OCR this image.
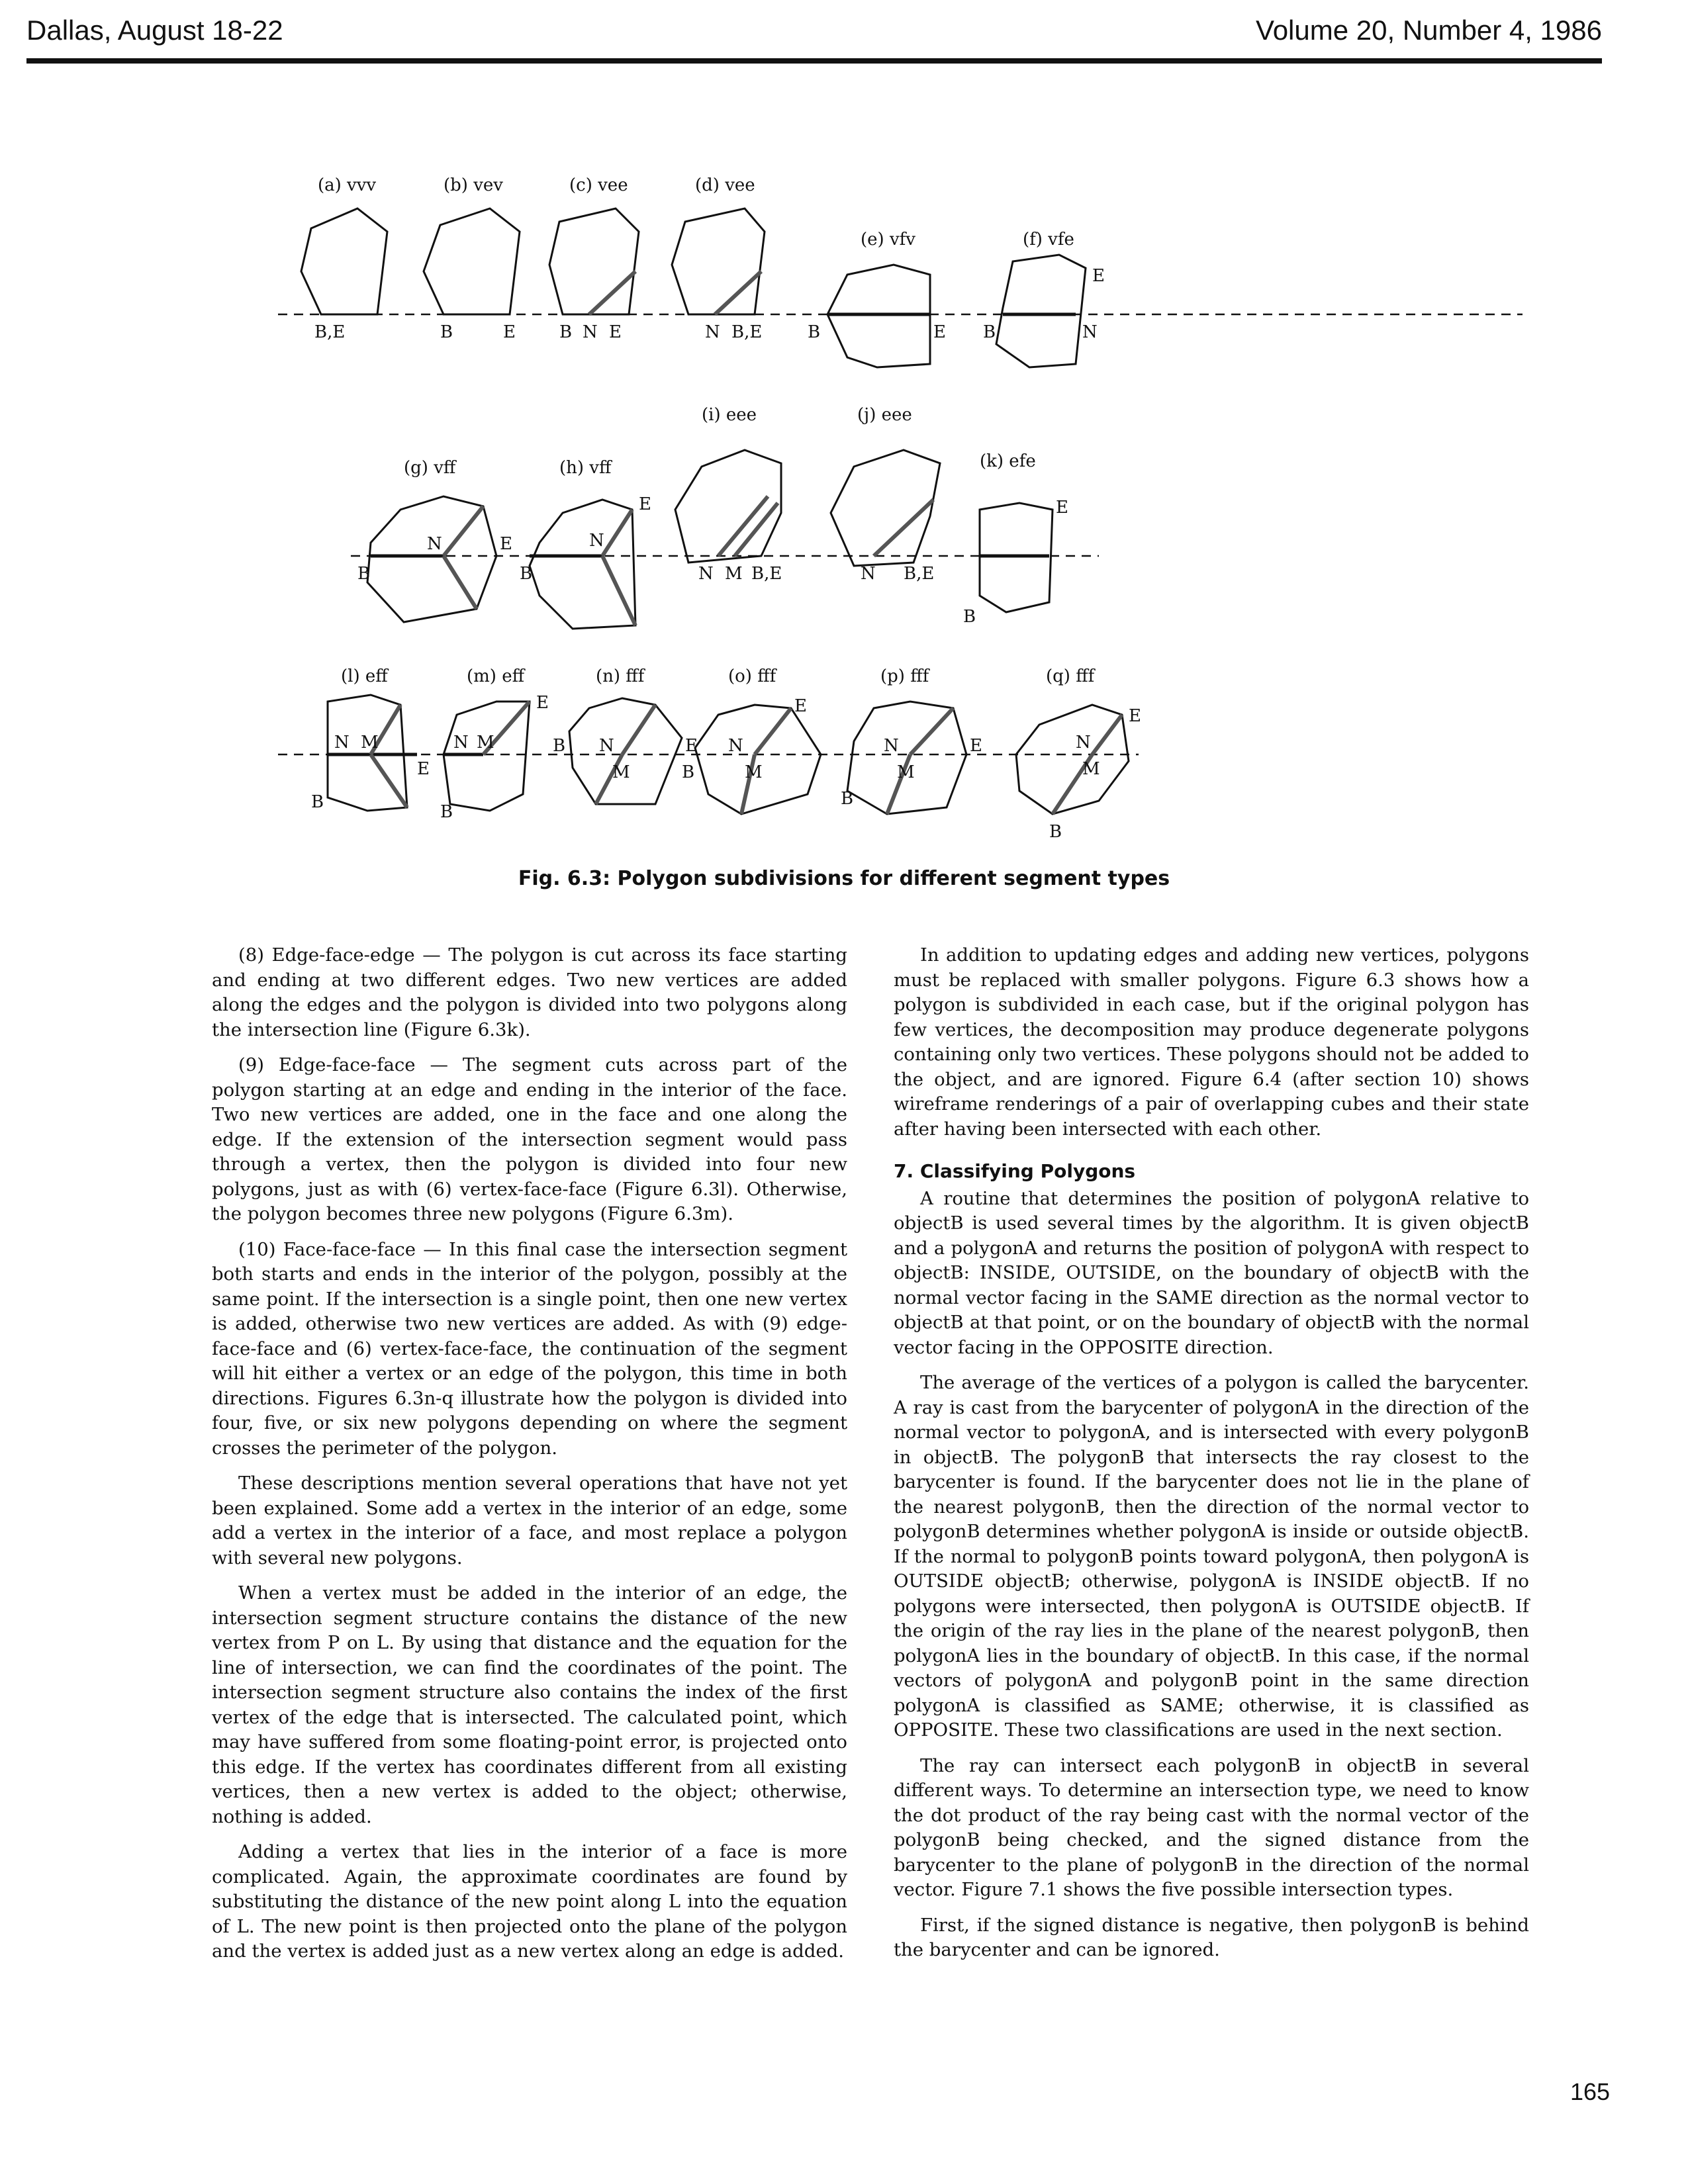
Dallas, August 18-22	Volume 20, Number 4, 1986
(a) vvv	(b) vev	(c) vee	(d) vee
(e) vfv	(f) vfe
(g) vff	(h) vff
(i) eee	(j) eee
(k) efe
(l) eff	(m) eff	(n) fff	(o) fff	(p) fff	(q) fff
B,E	B	E	B N E	N B,E	B	E B
E
N
B
N	E
B
N
E
N M B,E	N B,E
B
E
B
N M
E
B
N M
E
B N
M
E
B
N
M
E
B
N
M
E
B
N
M
E
Fig. 6.3: Polygon subdivisions for different segment types

(8) Edge-face-edge — The polygon is cut across its face starting and ending at two different edges. Two new vertices are added along the edges and the polygon is divided into two polygons along the intersection line (Figure 6.3k).

(9) Edge-face-face — The segment cuts across part of the polygon starting at an edge and ending in the interior of the face. Two new vertices are added, one in the face and one along the edge. If the extension of the intersection segment would pass through a vertex, then the polygon is divided into four new polygons, just as with (6) vertex-face-face (Figure 6.3l). Otherwise, the polygon becomes three new polygons (Figure 6.3m).

(10) Face-face-face — In this final case the intersection segment both starts and ends in the interior of the polygon, possibly at the same point. If the intersection is a single point, then one new vertex is added, otherwise two new vertices are added. As with (9) edge-face-face and (6) vertex-face-face, the continuation of the segment will hit either a vertex or an edge of the polygon, this time in both directions. Figures 6.3n-q illustrate how the polygon is divided into four, five, or six new polygons depending on where the segment crosses the perimeter of the polygon.

These descriptions mention several operations that have not yet been explained. Some add a vertex in the interior of an edge, some add a vertex in the interior of a face, and most replace a polygon with several new polygons.

When a vertex must be added in the interior of an edge, the intersection segment structure contains the distance of the new vertex from P on L. By using that distance and the equation for the line of intersection, we can find the coordinates of the point. The intersection segment structure also contains the index of the first vertex of the edge that is intersected. The calculated point, which may have suffered from some floating-point error, is projected onto this edge. If the vertex has coordinates different from all existing vertices, then a new vertex is added to the object; otherwise, nothing is added.

Adding a vertex that lies in the interior of a face is more complicated. Again, the approximate coordinates are found by substituting the distance of the new point along L into the equation of L. The new point is then projected onto the plane of the polygon and the vertex is added just as a new vertex along an edge is added.

In addition to updating edges and adding new vertices, polygons must be replaced with smaller polygons. Figure 6.3 shows how a polygon is subdivided in each case, but if the original polygon has few vertices, the decomposition may produce degenerate polygons containing only two vertices. These polygons should not be added to the object, and are ignored. Figure 6.4 (after section 10) shows wireframe renderings of a pair of overlapping cubes and their state after having been intersected with each other.

7. Classifying Polygons

A routine that determines the position of polygonA relative to objectB is used several times by the algorithm. It is given objectB and a polygonA and returns the position of polygonA with respect to objectB: INSIDE, OUTSIDE, on the boundary of objectB with the normal vector facing in the SAME direction as the normal vector to objectB at that point, or on the boundary of objectB with the normal vector facing in the OPPOSITE direction.

The average of the vertices of a polygon is called the barycenter. A ray is cast from the barycenter of polygonA in the direction of the normal vector to polygonA, and is intersected with every polygonB in objectB. The polygonB that intersects the ray closest to the barycenter is found. If the barycenter does not lie in the plane of the nearest polygonB, then the direction of the normal vector to polygonB determines whether polygonA is inside or outside objectB. If the normal to polygonB points toward polygonA, then polygonA is OUTSIDE objectB; otherwise, polygonA is INSIDE objectB. If no polygons were intersected, then polygonA is OUTSIDE objectB. If the origin of the ray lies in the plane of the nearest polygonB, then polygonA lies in the boundary of objectB. In this case, if the normal vectors of polygonA and polygonB point in the same direction polygonA is classified as SAME; otherwise, it is classified as OPPOSITE. These two classifications are used in the next section.

The ray can intersect each polygonB in objectB in several different ways. To determine an intersection type, we need to know the dot product of the ray being cast with the normal vector of the polygonB being checked, and the signed distance from the barycenter to the plane of polygonB in the direction of the normal vector. Figure 7.1 shows the five possible intersection types.

First, if the signed distance is negative, then polygonB is behind the barycenter and can be ignored.

165
